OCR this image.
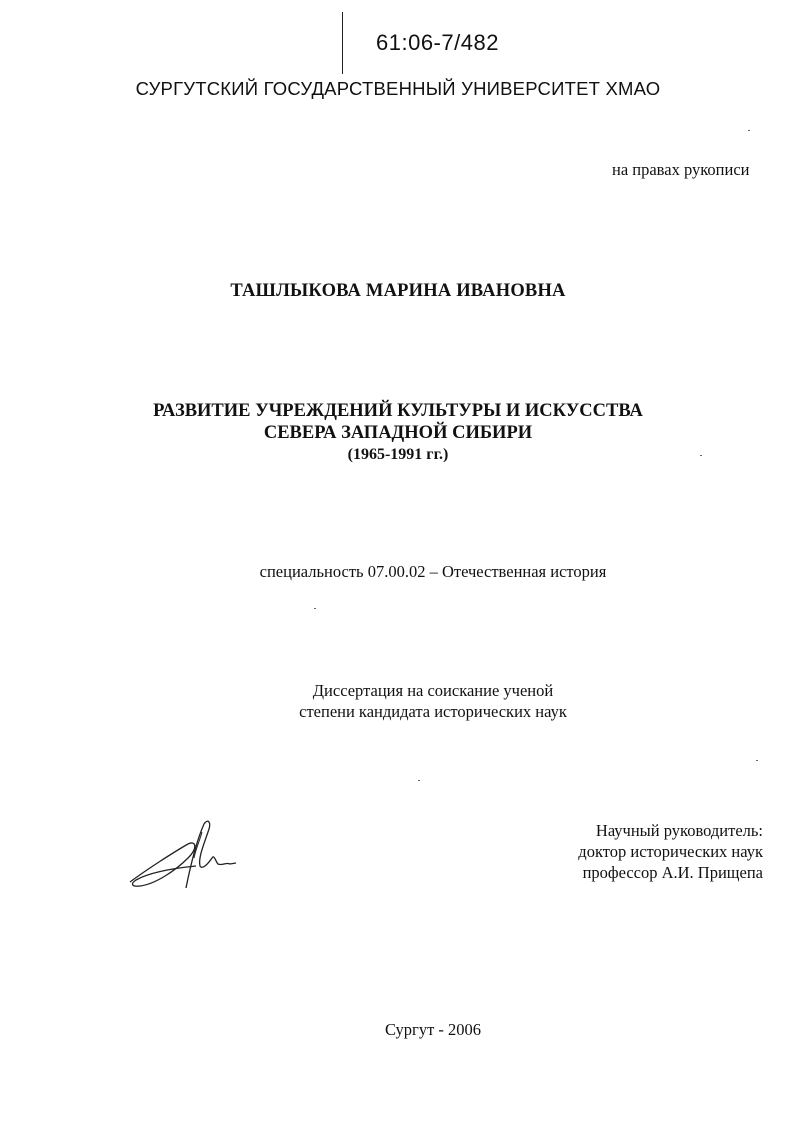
61:06-7/482
СУРГУТСКИЙ ГОСУДАРСТВЕННЫЙ УНИВЕРСИТЕТ ХМАО
на правах рукописи
ТАШЛЫКОВА МАРИНА ИВАНОВНА
РАЗВИТИЕ УЧРЕЖДЕНИЙ КУЛЬТУРЫ И ИСКУССТВА
СЕВЕРА ЗАПАДНОЙ СИБИРИ
(1965-1991 гг.)
специальность 07.00.02 – Отечественная история
Диссертация на соискание ученой
степени кандидата исторических наук
Научный руководитель:
доктор исторических наук
профессор А.И. Прищепа
Сургут - 2006
